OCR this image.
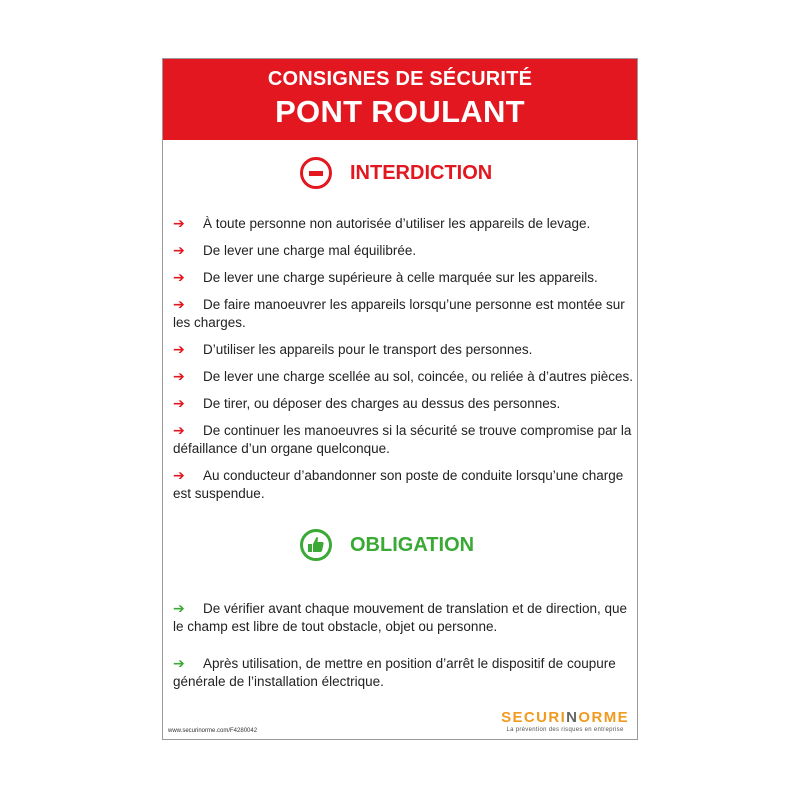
CONSIGNES DE SÉCURITÉ
PONT ROULANT
INTERDICTION
➔ À toute personne non autorisée d’utiliser les appareils de levage.
➔ De lever une charge mal équilibrée.
➔ De lever une charge supérieure à celle marquée sur les appareils.
➔ De faire manoeuvrer les appareils lorsqu’une personne est montée sur les charges.
➔ D’utiliser les appareils pour le transport des personnes.
➔ De lever une charge scellée au sol, coincée, ou reliée à d’autres pièces.
➔ De tirer, ou déposer des charges au dessus des personnes.
➔ De continuer les manoeuvres si la sécurité se trouve compromise par la défaillance d’un organe quelconque.
➔ Au conducteur d’abandonner son poste de conduite lorsqu’une charge est suspendue.
OBLIGATION
➔ De vérifier avant chaque mouvement de translation et de direction, que le champ est libre de tout obstacle, objet ou personne.
➔ Après utilisation, de mettre en position d’arrêt le dispositif de coupure générale de l’installation électrique.
www.securinorme.com/F4280042
SECURINORME
La prévention des risques en entreprise
